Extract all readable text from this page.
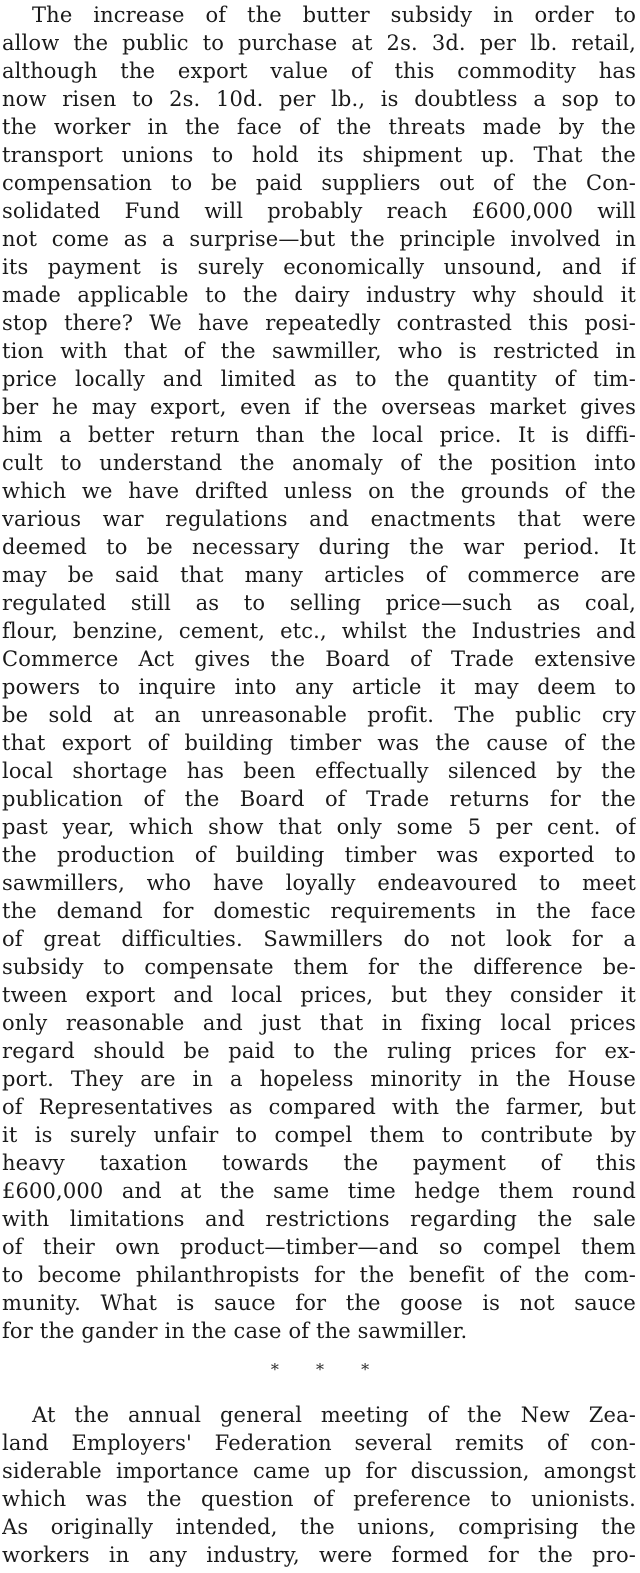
The increase of the butter subsidy in order to
allow the public to purchase at 2s. 3d. per lb. retail,
although the export value of this commodity has
now risen to 2s. 10d. per lb., is doubtless a sop to
the worker in the face of the threats made by the
transport unions to hold its shipment up. That the
compensation to be paid suppliers out of the Con-
solidated Fund will probably reach £600,000 will
not come as a surprise—but the principle involved in
its payment is surely economically unsound, and if
made applicable to the dairy industry why should it
stop there? We have repeatedly contrasted this posi-
tion with that of the sawmiller, who is restricted in
price locally and limited as to the quantity of tim-
ber he may export, even if the overseas market gives
him a better return than the local price. It is diffi-
cult to understand the anomaly of the position into
which we have drifted unless on the grounds of the
various war regulations and enactments that were
deemed to be necessary during the war period. It
may be said that many articles of commerce are
regulated still as to selling price—such as coal,
flour, benzine, cement, etc., whilst the Industries and
Commerce Act gives the Board of Trade extensive
powers to inquire into any article it may deem to
be sold at an unreasonable profit. The public cry
that export of building timber was the cause of the
local shortage has been effectually silenced by the
publication of the Board of Trade returns for the
past year, which show that only some 5 per cent. of
the production of building timber was exported to
sawmillers, who have loyally endeavoured to meet
the demand for domestic requirements in the face
of great difficulties. Sawmillers do not look for a
subsidy to compensate them for the difference be-
tween export and local prices, but they consider it
only reasonable and just that in fixing local prices
regard should be paid to the ruling prices for ex-
port. They are in a hopeless minority in the House
of Representatives as compared with the farmer, but
it is surely unfair to compel them to contribute by
heavy taxation towards the payment of this
£600,000 and at the same time hedge them round
with limitations and restrictions regarding the sale
of their own product—timber—and so compel them
to become philanthropists for the benefit of the com-
munity. What is sauce for the goose is not sauce
for the gander in the case of the sawmiller.
* * *
At the annual general meeting of the New Zea-
land Employers' Federation several remits of con-
siderable importance came up for discussion, amongst
which was the question of preference to unionists.
As originally intended, the unions, comprising the
workers in any industry, were formed for the pro-
